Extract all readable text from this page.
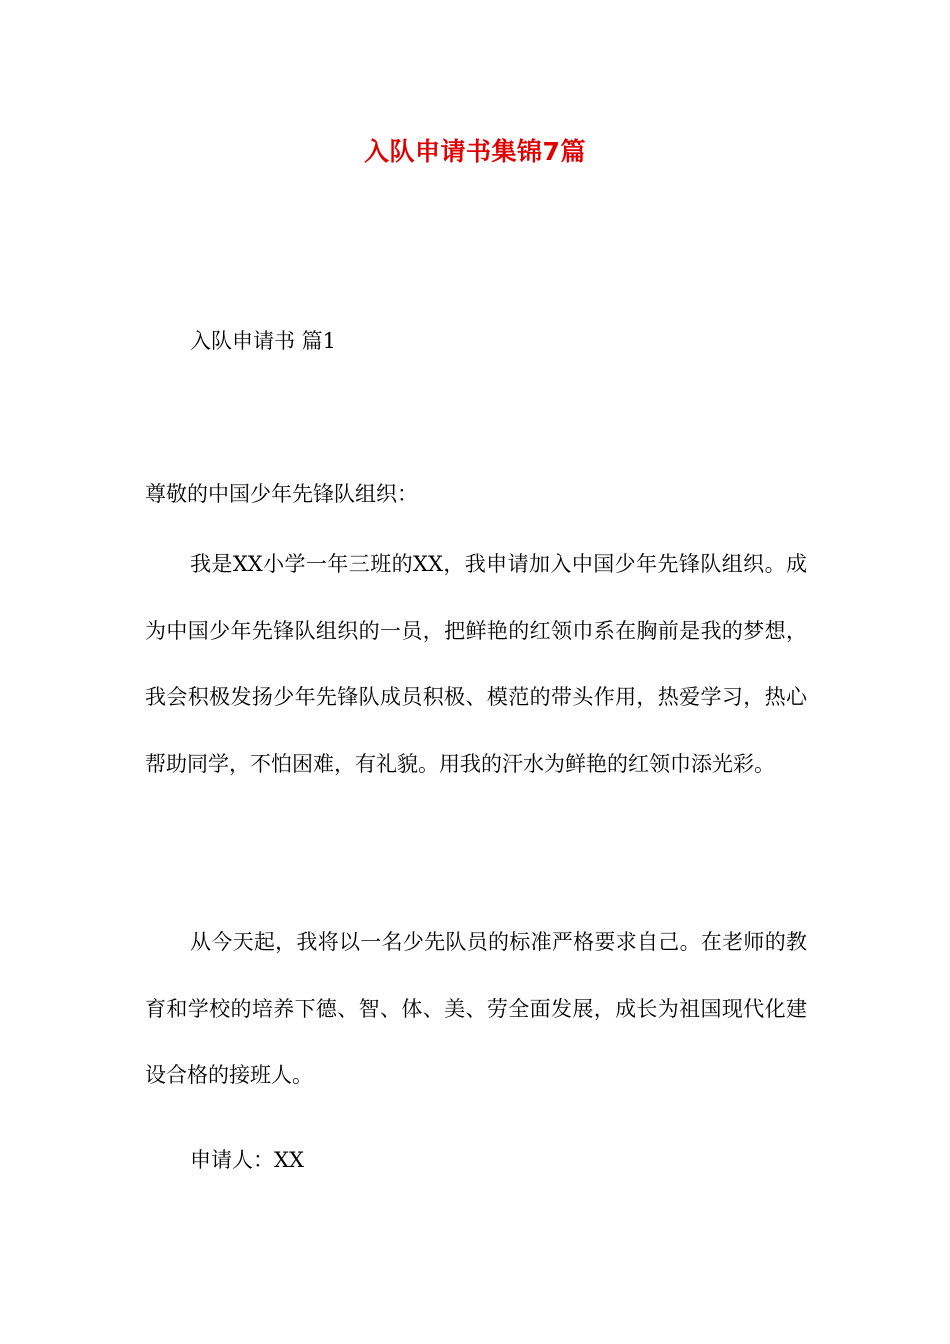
入队申请书集锦7篇
入队申请书 篇1

尊敬的中国少年先锋队组织：

我是XX小学一年三班的XX，我申请加入中国少年先锋队组织。成为中国少年先锋队组织的一员，把鲜艳的红领巾系在胸前是我的梦想，我会积极发扬少年先锋队成员积极、模范的带头作用，热爱学习，热心帮助同学，不怕困难，有礼貌。用我的汗水为鲜艳的红领巾添光彩。

从今天起，我将以一名少先队员的标准严格要求自己。在老师的教育和学校的培养下德、智、体、美、劳全面发展，成长为祖国现代化建设合格的接班人。

申请人：XX
